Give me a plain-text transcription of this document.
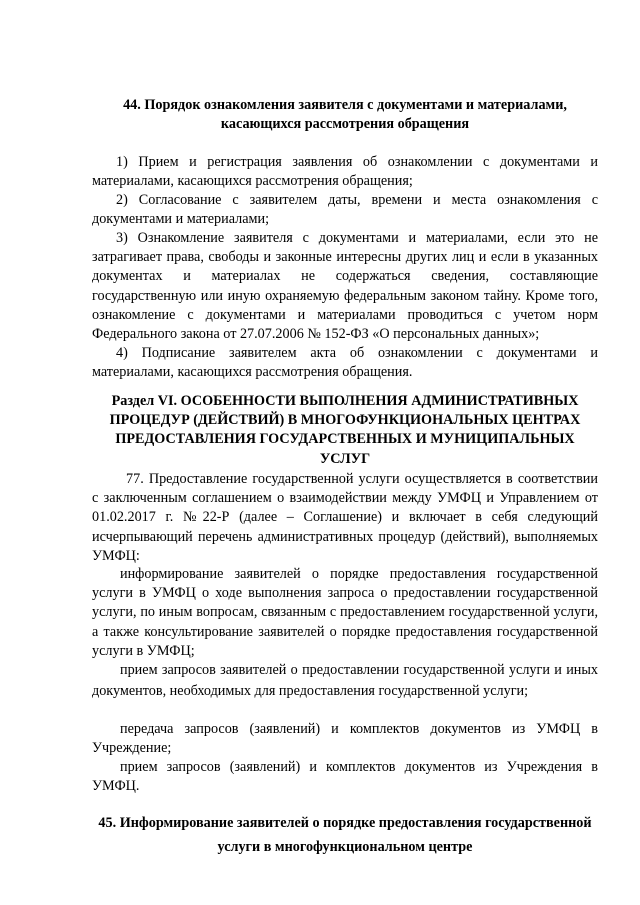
44. Порядок ознакомления заявителя с документами и материалами, касающихся рассмотрения обращения

1) Прием и регистрация заявления об ознакомлении с документами и материалами, касающихся рассмотрения обращения;

2) Согласование с заявителем даты, времени и места ознакомления с документами и материалами;

3) Ознакомление заявителя с документами и материалами, если это не затрагивает права, свободы и законные интересны других лиц и если в указанных документах и материалах не содержаться сведения, составляющие государственную или иную охраняемую федеральным законом тайну. Кроме того, ознакомление с документами и материалами проводиться с учетом норм Федерального закона от 27.07.2006 № 152-ФЗ «О персональных данных»;

4) Подписание заявителем акта об ознакомлении с документами и материалами, касающихся рассмотрения обращения.

Раздел VI. ОСОБЕННОСТИ ВЫПОЛНЕНИЯ АДМИНИСТРАТИВНЫХ ПРОЦЕДУР (ДЕЙСТВИЙ) В МНОГОФУНКЦИОНАЛЬНЫХ ЦЕНТРАХ ПРЕДОСТАВЛЕНИЯ ГОСУДАРСТВЕННЫХ И МУНИЦИПАЛЬНЫХ УСЛУГ

77. Предоставление государственной услуги осуществляется в соответствии с заключенным соглашением о взаимодействии между УМФЦ и Управлением от 01.02.2017 г. №22-Р (далее – Соглашение) и включает в себя следующий исчерпывающий перечень административных процедур (действий), выполняемых УМФЦ:

информирование заявителей о порядке предоставления государственной услуги в УМФЦ о ходе выполнения запроса о предоставлении государственной услуги, по иным вопросам, связанным с предоставлением государственной услуги, а также консультирование заявителей о порядке предоставления государственной услуги в УМФЦ;

прием запросов заявителей о предоставлении государственной услуги и иных документов, необходимых для предоставления государственной услуги;

передача запросов (заявлений) и комплектов документов из УМФЦ в Учреждение;

прием запросов (заявлений) и комплектов документов из Учреждения в УМФЦ.

45. Информирование заявителей о порядке предоставления государственной услуги в многофункциональном центре
